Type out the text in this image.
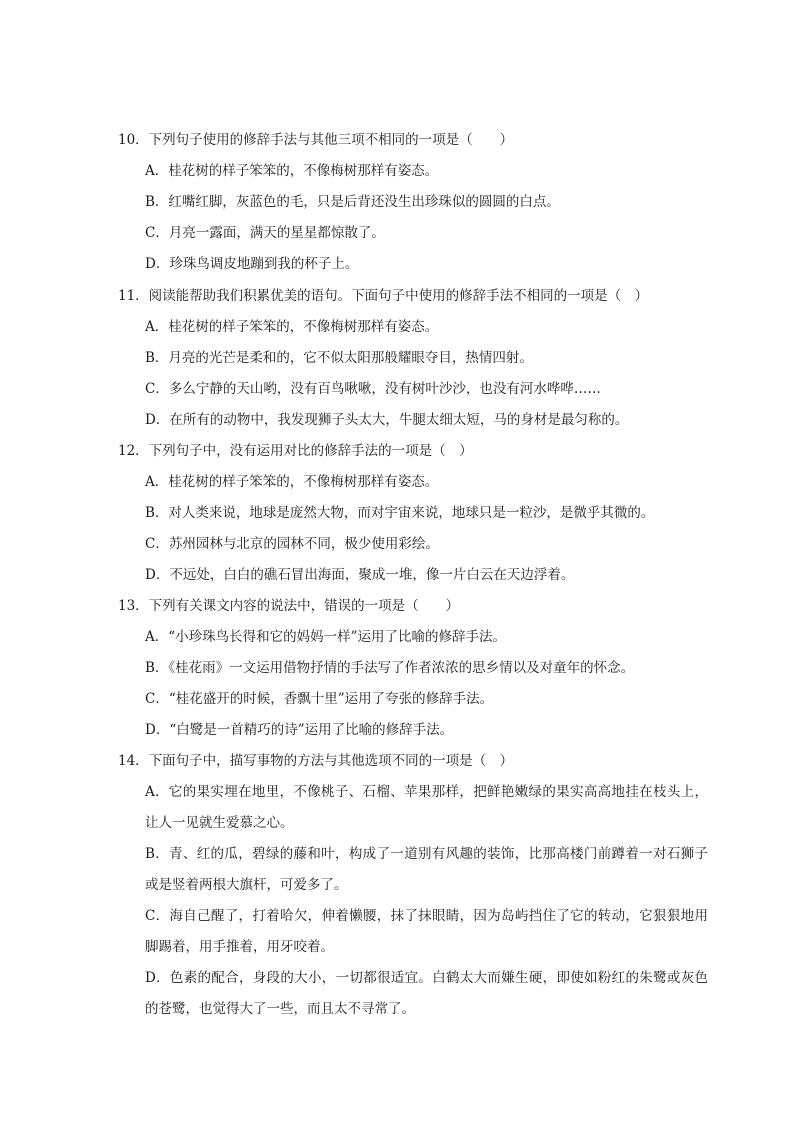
10．下列句子使用的修辞手法与其他三项不相同的一项是（　　）
A．桂花树的样子笨笨的，不像梅树那样有姿态。
B．红嘴红脚，灰蓝色的毛，只是后背还没生出珍珠似的圆圆的白点。
C．月亮一露面，满天的星星都惊散了。
D．珍珠鸟调皮地蹦到我的杯子上。
11．阅读能帮助我们积累优美的语句。下面句子中使用的修辞手法不相同的一项是（　）
A．桂花树的样子笨笨的，不像梅树那样有姿态。
B．月亮的光芒是柔和的，它不似太阳那般耀眼夺目，热情四射。
C．多么宁静的天山哟，没有百鸟啾啾，没有树叶沙沙，也没有河水哗哗……
D．在所有的动物中，我发现狮子头太大，牛腿太细太短，马的身材是最匀称的。
12．下列句子中，没有运用对比的修辞手法的一项是（　）
A．桂花树的样子笨笨的，不像梅树那样有姿态。
B．对人类来说，地球是庞然大物，而对宇宙来说，地球只是一粒沙，是微乎其微的。
C．苏州园林与北京的园林不同，极少使用彩绘。
D．不远处，白白的礁石冒出海面，聚成一堆，像一片白云在天边浮着。
13．下列有关课文内容的说法中，错误的一项是（　　）
A．“小珍珠鸟长得和它的妈妈一样”运用了比喻的修辞手法。
B．《桂花雨》一文运用借物抒情的手法写了作者浓浓的思乡情以及对童年的怀念。
C．“桂花盛开的时候，香飘十里”运用了夸张的修辞手法。
D．“白鹭是一首精巧的诗”运用了比喻的修辞手法。
14．下面句子中，描写事物的方法与其他选项不同的一项是（　）
A．它的果实埋在地里，不像桃子、石榴、苹果那样，把鲜艳嫩绿的果实高高地挂在枝头上，让人一见就生爱慕之心。
B．青、红的瓜，碧绿的藤和叶，构成了一道别有风趣的装饰，比那高楼门前蹲着一对石狮子或是竖着两根大旗杆，可爱多了。
C．海自己醒了，打着哈欠，伸着懒腰，抹了抹眼睛，因为岛屿挡住了它的转动，它狠狠地用脚踢着，用手推着，用牙咬着。
D．色素的配合，身段的大小，一切都很适宜。白鹤太大而嫌生硬，即使如粉红的朱鹭或灰色的苍鹭，也觉得大了一些，而且太不寻常了。
